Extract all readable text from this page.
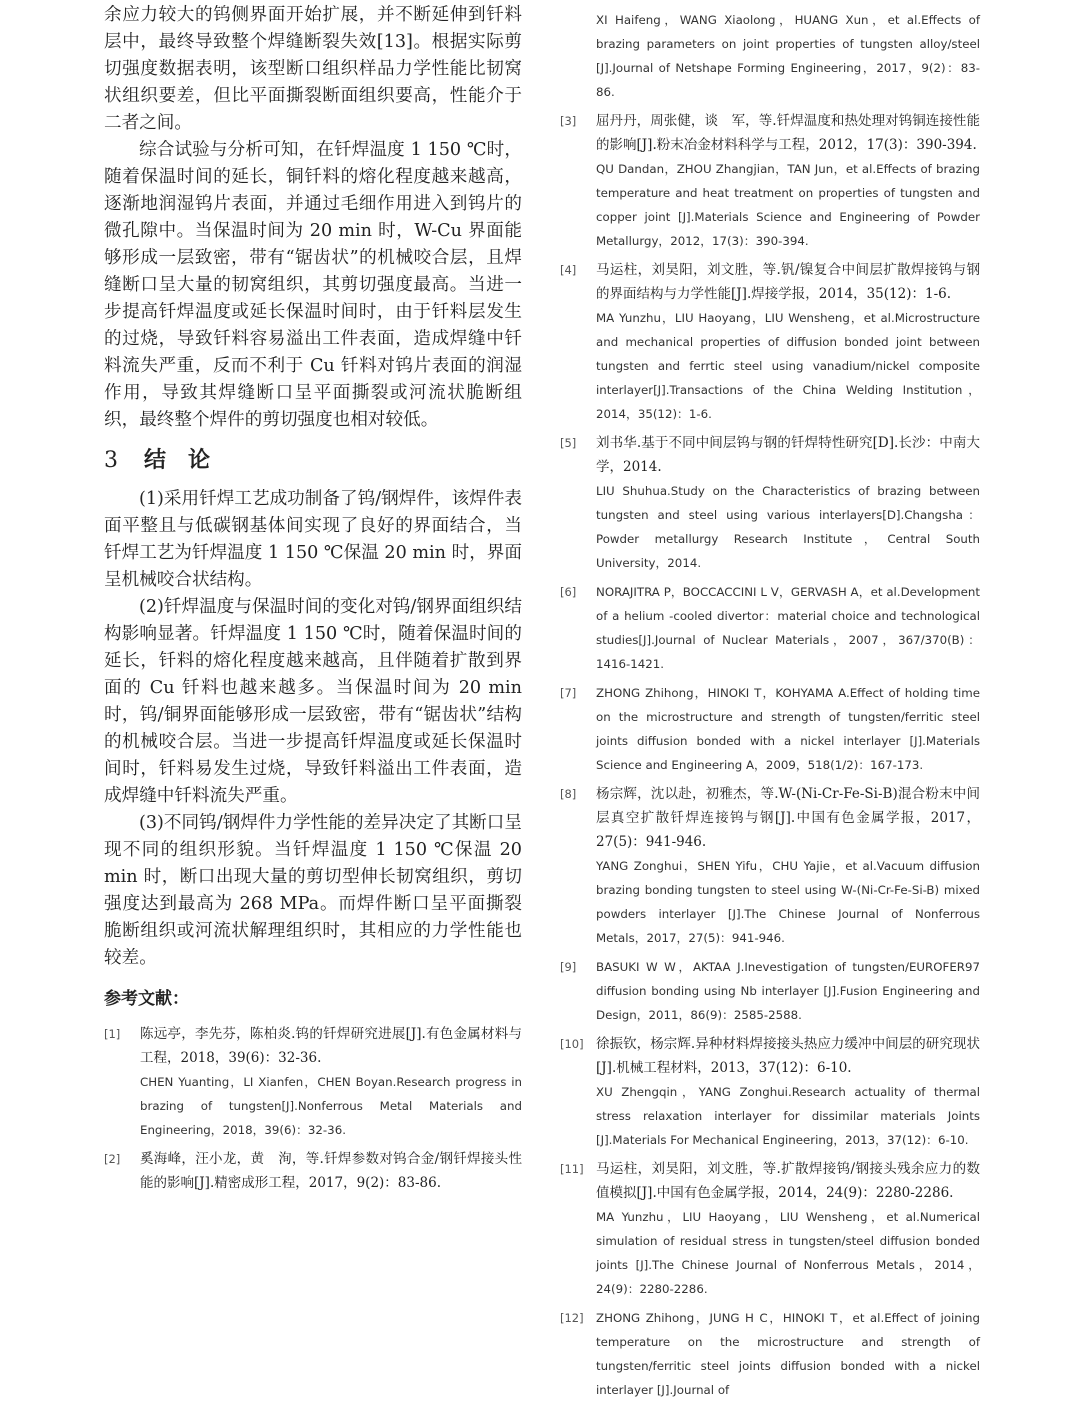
余应力较大的钨侧界面开始扩展，并不断延伸到钎料层中，最终导致整个焊缝断裂失效[13]。根据实际剪切强度数据表明，该型断口组织样品力学性能比韧窝状组织要差，但比平面撕裂断面组织要高，性能介于二者之间。

综合试验与分析可知，在钎焊温度 1 150 ℃时，随着保温时间的延长，铜钎料的熔化程度越来越高，逐渐地润湿钨片表面，并通过毛细作用进入到钨片的微孔隙中。当保温时间为 20 min 时，W-Cu 界面能够形成一层致密，带有“锯齿状”的机械咬合层，且焊缝断口呈大量的韧窝组织，其剪切强度最高。当进一步提高钎焊温度或延长保温时间时，由于钎料层发生的过烧，导致钎料容易溢出工件表面，造成焊缝中钎料流失严重，反而不利于 Cu 钎料对钨片表面的润湿作用，导致其焊缝断口呈平面撕裂或河流状脆断组织，最终整个焊件的剪切强度也相对较低。

3 结　论

(1)采用钎焊工艺成功制备了钨/钢焊件，该焊件表面平整且与低碳钢基体间实现了良好的界面结合，当钎焊工艺为钎焊温度 1 150 ℃保温 20 min 时，界面呈机械咬合状结构。

(2)钎焊温度与保温时间的变化对钨/钢界面组织结构影响显著。钎焊温度 1 150 ℃时，随着保温时间的延长，钎料的熔化程度越来越高，且伴随着扩散到界面的 Cu 钎料也越来越多。当保温时间为 20 min 时，钨/铜界面能够形成一层致密，带有“锯齿状”结构的机械咬合层。当进一步提高钎焊温度或延长保温时间时，钎料易发生过烧，导致钎料溢出工件表面，造成焊缝中钎料流失严重。

(3)不同钨/钢焊件力学性能的差异决定了其断口呈现不同的组织形貌。当钎焊温度 1 150 ℃保温 20 min 时，断口出现大量的剪切型伸长韧窝组织，剪切强度达到最高为 268 MPa。而焊件断口呈平面撕裂脆断组织或河流状解理组织时，其相应的力学性能也较差。

参考文献：
[1] 陈远亭，李先芬，陈柏炎.钨的钎焊研究进展[J].有色金属材料与工程，2018，39(6)：32-36.

CHEN Yuanting，LI Xianfen，CHEN Boyan.Research progress in brazing of tungsten[J].Nonferrous Metal Materials and Engineering，2018，39(6)：32-36.

[2] 奚海峰，汪小龙，黄　洵，等.钎焊参数对钨合金/钢钎焊接头性能的影响[J].精密成形工程，2017，9(2)：83-86.

XI Haifeng，WANG Xiaolong，HUANG Xun，et al.Effects of brazing parameters on joint properties of tungsten alloy/steel [J].Journal of Netshape Forming Engineering，2017，9(2)：83-86.

[3] 屈丹丹，周张健，谈　军，等.钎焊温度和热处理对钨铜连接性能的影响[J].粉末冶金材料科学与工程，2012，17(3)：390-394.

QU Dandan，ZHOU Zhangjian，TAN Jun，et al.Effects of brazing temperature and heat treatment on properties of tungsten and copper joint [J].Materials Science and Engineering of Powder Metallurgy，2012，17(3)：390-394.

[4] 马运柱，刘昊阳，刘文胜，等.钒/镍复合中间层扩散焊接钨与钢的界面结构与力学性能[J].焊接学报，2014，35(12)：1-6.

MA Yunzhu，LIU Haoyang，LIU Wensheng，et al.Microstructure and mechanical properties of diffusion bonded joint between tungsten and ferrtic steel using vanadium/nickel composite interlayer[J].Transactions of the China Welding Institution，2014，35(12)：1-6.

[5] 刘书华.基于不同中间层钨与钢的钎焊特性研究[D].长沙：中南大学，2014.

LIU Shuhua.Study on the Characteristics of brazing between tungsten and steel using various interlayers[D].Changsha：Powder metallurgy Research Institute，Central South University，2014.

[6] NORAJITRA P，BOCCACCINI L V，GERVASH A，et al.Development of a helium -cooled divertor：material choice and technological studies[J].Journal of Nuclear Materials，2007，367/370(B)：1416-1421.

[7] ZHONG Zhihong，HINOKI T，KOHYAMA A.Effect of holding time on the microstructure and strength of tungsten/ferritic steel joints diffusion bonded with a nickel interlayer [J].Materials Science and Engineering A，2009，518(1/2)：167-173.

[8] 杨宗辉，沈以赴，初雅杰，等.W-(Ni-Cr-Fe-Si-B)混合粉末中间层真空扩散钎焊连接钨与钢[J].中国有色金属学报，2017，27(5)：941-946.

YANG Zonghui，SHEN Yifu，CHU Yajie，et al.Vacuum diffusion brazing bonding tungsten to steel using W-(Ni-Cr-Fe-Si-B) mixed powders interlayer [J].The Chinese Journal of Nonferrous Metals，2017，27(5)：941-946.

[9] BASUKI W W，AKTAA J.Inevestigation of tungsten/EUROFER97 diffusion bonding using Nb interlayer [J].Fusion Engineering and Design，2011，86(9)：2585-2588.

[10] 徐振钦，杨宗辉.异种材料焊接接头热应力缓冲中间层的研究现状[J].机械工程材料，2013，37(12)：6-10.

XU Zhengqin，YANG Zonghui.Research actuality of thermal stress relaxation interlayer for dissimilar materials Joints [J].Materials For Mechanical Engineering，2013，37(12)：6-10.

[11] 马运柱，刘昊阳，刘文胜，等.扩散焊接钨/钢接头残余应力的数值模拟[J].中国有色金属学报，2014，24(9)：2280-2286.

MA Yunzhu，LIU Haoyang，LIU Wensheng，et al.Numerical simulation of residual stress in tungsten/steel diffusion bonded joints [J].The Chinese Journal of Nonferrous Metals，2014，24(9)：2280-2286.

[12] ZHONG Zhihong，JUNG H C，HINOKI T，et al.Effect of joining temperature on the microstructure and strength of tungsten/ferritic steel joints diffusion bonded with a nickel interlayer [J].Journal of
